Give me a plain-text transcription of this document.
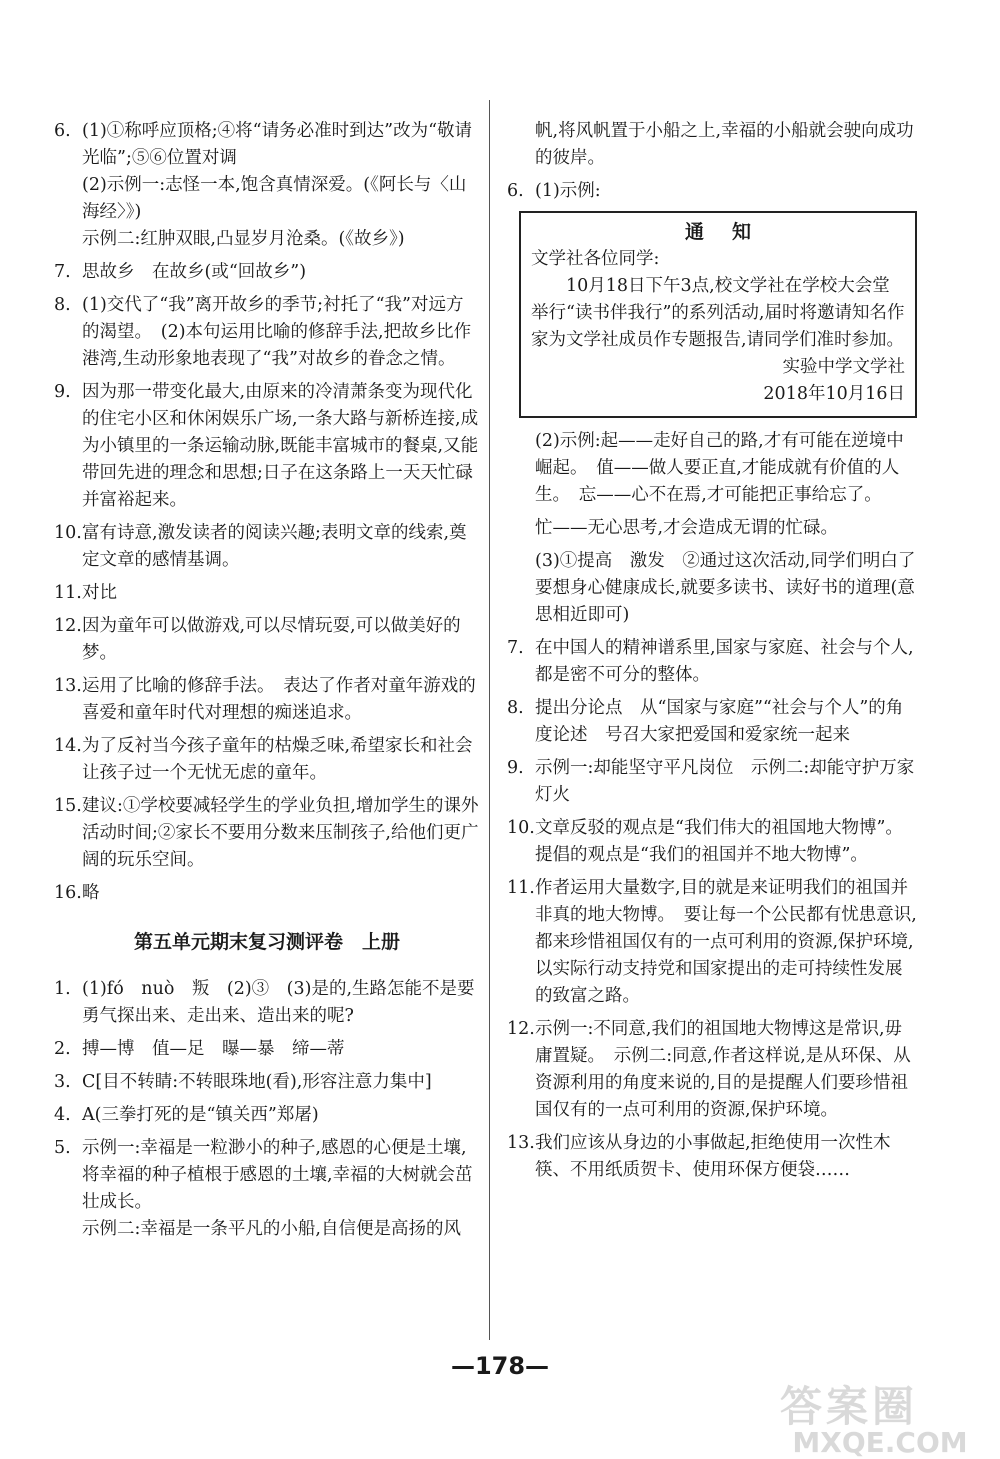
6. (1)①称呼应顶格;④将“请务必准时到达”改为“敬请光临”;⑤⑥位置对调
(2)示例一:志怪一本,饱含真情深爱。(《阿长与〈山海经〉》)
示例二:红肿双眼,凸显岁月沧桑。(《故乡》)
7. 思故乡　在故乡(或“回故乡”)
8. (1)交代了“我”离开故乡的季节;衬托了“我”对远方的渴望。　(2)本句运用比喻的修辞手法,把故乡比作港湾,生动形象地表现了“我”对故乡的眷念之情。
9. 因为那一带变化最大,由原来的冷清萧条变为现代化的住宅小区和休闲娱乐广场,一条大路与新桥连接,成为小镇里的一条运输动脉,既能丰富城市的餐桌,又能带回先进的理念和思想;日子在这条路上一天天忙碌并富裕起来。
10. 富有诗意,激发读者的阅读兴趣;表明文章的线索,奠定文章的感情基调。
11. 对比
12. 因为童年可以做游戏,可以尽情玩耍,可以做美好的梦。
13. 运用了比喻的修辞手法。　表达了作者对童年游戏的喜爱和童年时代对理想的痴迷追求。
14. 为了反衬当今孩子童年的枯燥乏味,希望家长和社会让孩子过一个无忧无虑的童年。
15. 建议:①学校要减轻学生的学业负担,增加学生的课外活动时间;②家长不要用分数来压制孩子,给他们更广阔的玩乐空间。
16. 略
第五单元期末复习测评卷　上册
1. (1)fó　nuò　叛　(2)③　(3)是的,生路怎能不是要勇气探出来、走出来、造出来的呢?
2. 搏—博　值—足　曝—暴　缔—蒂
3. C[目不转睛:不转眼珠地(看),形容注意力集中]
4. A(三拳打死的是“镇关西”郑屠)
5. 示例一:幸福是一粒渺小的种子,感恩的心便是土壤,将幸福的种子植根于感恩的土壤,幸福的大树就会茁壮成长。
示例二:幸福是一条平凡的小船,自信便是高扬的风
帆,将风帆置于小船之上,幸福的小船就会驶向成功的彼岸。
6. (1)示例:
通知
文学社各位同学:
10月18日下午3点,校文学社在学校大会堂举行“读书伴我行”的系列活动,届时将邀请知名作家为文学社成员作专题报告,请同学们准时参加。
实验中学文学社
2018年10月16日
(2)示例:起——走好自己的路,才有可能在逆境中崛起。　值——做人要正直,才能成就有价值的人生。　忘——心不在焉,才可能把正事给忘了。
忙——无心思考,才会造成无谓的忙碌。
(3)①提高　激发　②通过这次活动,同学们明白了要想身心健康成长,就要多读书、读好书的道理(意思相近即可)
7. 在中国人的精神谱系里,国家与家庭、社会与个人,都是密不可分的整体。
8. 提出分论点　从“国家与家庭”“社会与个人”的角度论述　号召大家把爱国和爱家统一起来
9. 示例一:却能坚守平凡岗位　示例二:却能守护万家灯火
10. 文章反驳的观点是“我们伟大的祖国地大物博”。
提倡的观点是“我们的祖国并不地大物博”。
11. 作者运用大量数字,目的就是来证明我们的祖国并非真的地大物博。　要让每一个公民都有忧患意识,都来珍惜祖国仅有的一点可利用的资源,保护环境,以实际行动支持党和国家提出的走可持续性发展的致富之路。
12. 示例一:不同意,我们的祖国地大物博这是常识,毋庸置疑。　示例二:同意,作者这样说,是从环保、从资源利用的角度来说的,目的是提醒人们要珍惜祖国仅有的一点可利用的资源,保护环境。
13. 我们应该从身边的小事做起,拒绝使用一次性木筷、不用纸质贺卡、使用环保方便袋……
—178—
答案圈
MXQE.COM
